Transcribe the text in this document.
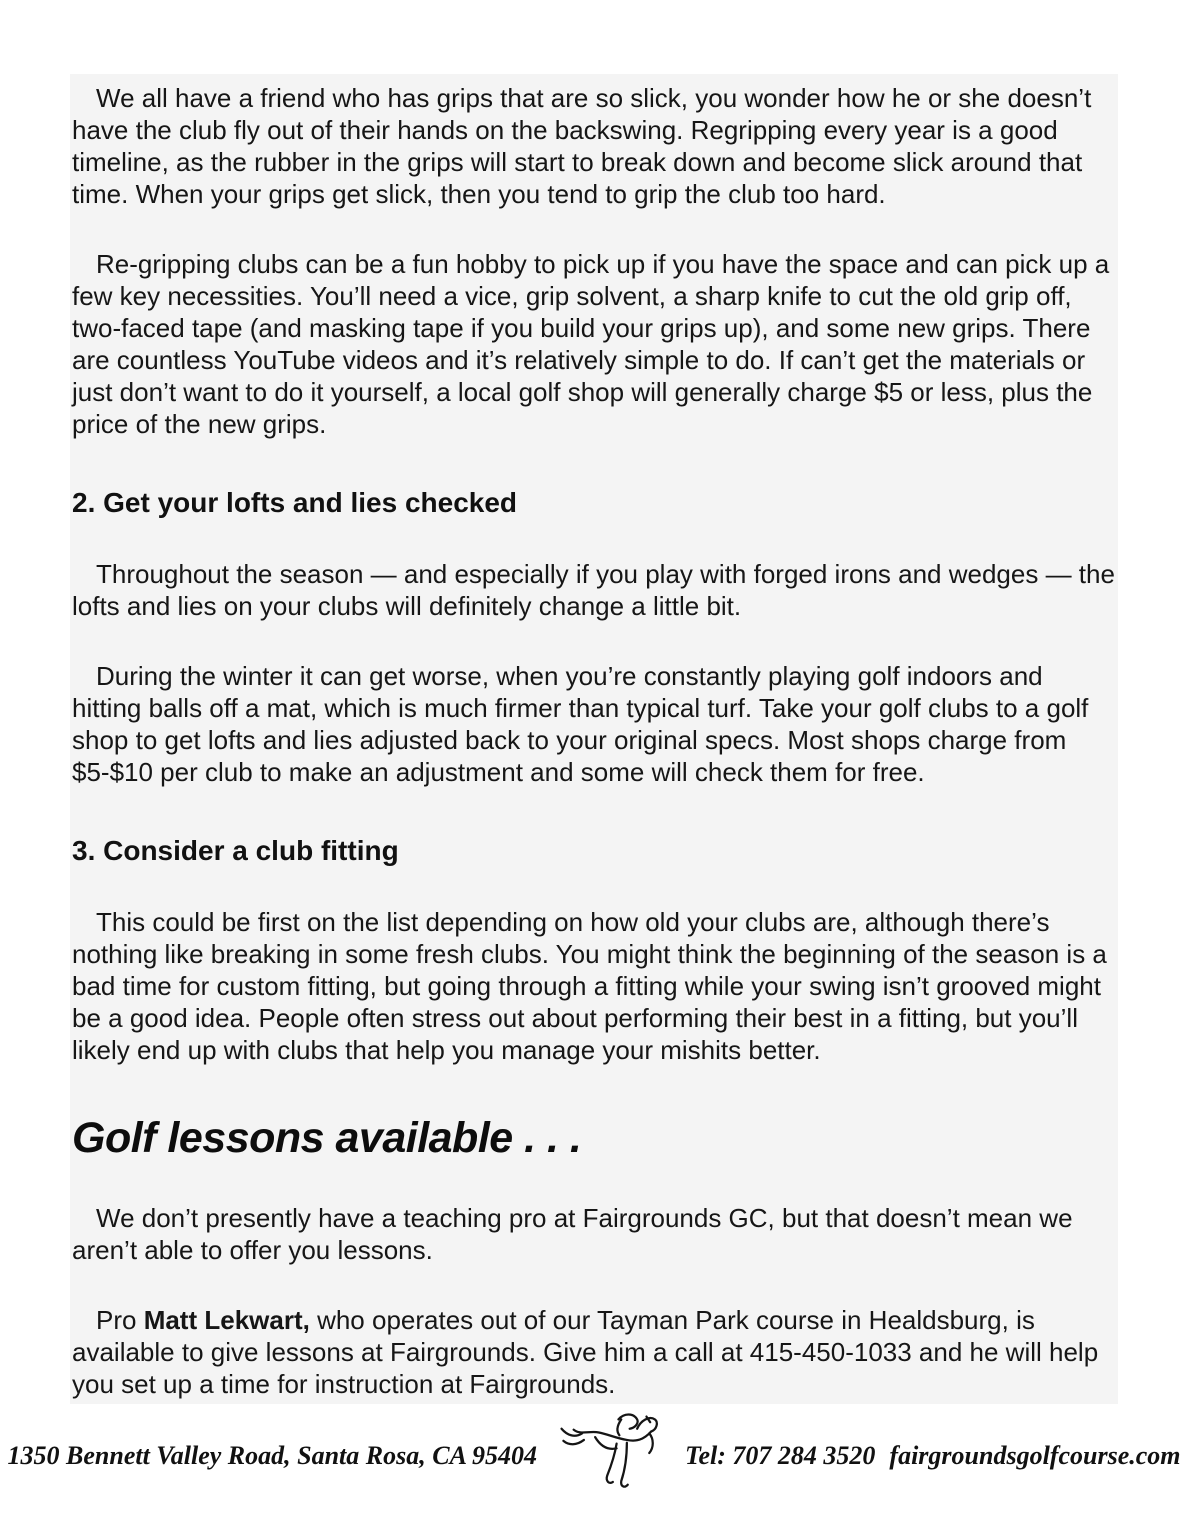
We all have a friend who has grips that are so slick, you wonder how he or she doesn’t have the club fly out of their hands on the backswing. Regripping every year is a good timeline, as the rubber in the grips will start to break down and become slick around that time. When your grips get slick, then you tend to grip the club too hard.

Re-gripping clubs can be a fun hobby to pick up if you have the space and can pick up a few key necessities. You’ll need a vice, grip solvent, a sharp knife to cut the old grip off, two-faced tape (and masking tape if you build your grips up), and some new grips. There are countless YouTube videos and it’s relatively simple to do. If can’t get the materials or just don’t want to do it yourself, a local golf shop will generally charge $5 or less, plus the price of the new grips.

2. Get your lofts and lies checked

Throughout the season — and especially if you play with forged irons and wedges — the lofts and lies on your clubs will definitely change a little bit.

During the winter it can get worse, when you’re constantly playing golf indoors and hitting balls off a mat, which is much firmer than typical turf. Take your golf clubs to a golf shop to get lofts and lies adjusted back to your original specs. Most shops charge from $5-$10 per club to make an adjustment and some will check them for free.

3. Consider a club fitting

This could be first on the list depending on how old your clubs are, although there’s nothing like breaking in some fresh clubs. You might think the beginning of the season is a bad time for custom fitting, but going through a fitting while your swing isn’t grooved might be a good idea. People often stress out about performing their best in a fitting, but you’ll likely end up with clubs that help you manage your mishits better.

Golf lessons available . . .

We don’t presently have a teaching pro at Fairgrounds GC, but that doesn’t mean we aren’t able to offer you lessons.

Pro Matt Lekwart, who operates out of our Tayman Park course in Healdsburg, is available to give lessons at Fairgrounds. Give him a call at 415-450-1033 and he will help you set up a time for instruction at Fairgrounds.

1350 Bennett Valley Road, Santa Rosa, CA 95404	Tel: 707 284 3520 fairgroundsgolfcourse.com
